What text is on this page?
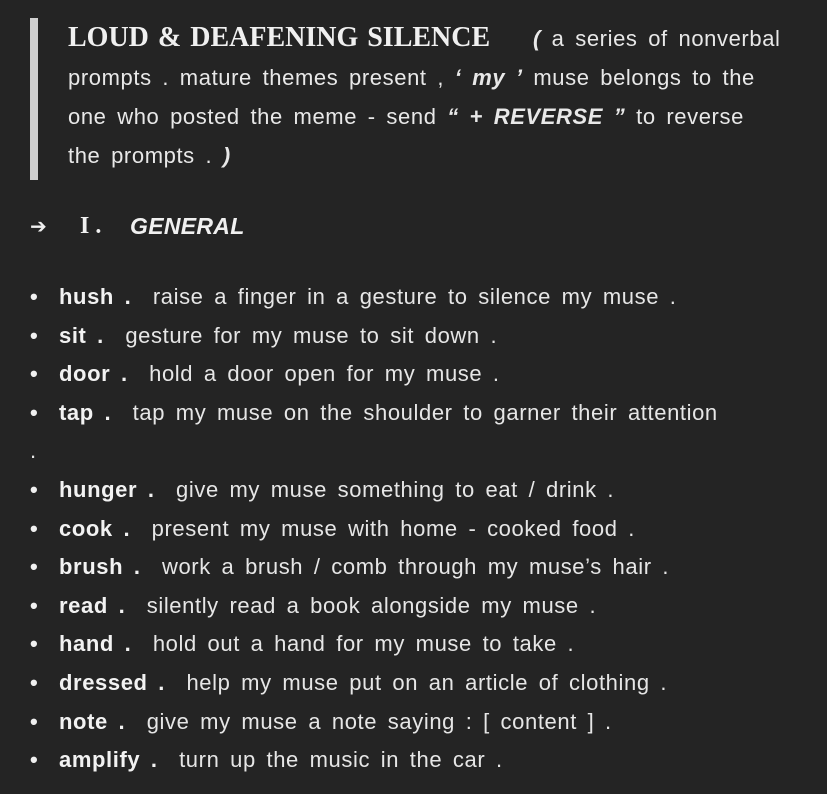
LOUD & DEAFENING SILENCE ( a series of nonverbal prompts . mature themes present , ‘ my ’ muse belongs to the one who posted the meme - send “ + REVERSE ” to reverse the prompts . )
➔	I .	GENERAL
• hush . raise a finger in a gesture to silence my muse .
• sit . gesture for my muse to sit down .
• door . hold a door open for my muse .
• tap . tap my muse on the shoulder to garner their attention .
• hunger . give my muse something to eat / drink .
• cook . present my muse with home - cooked food .
• brush . work a brush / comb through my muse’s hair .
• read . silently read a book alongside my muse .
• hand . hold out a hand for my muse to take .
• dressed . help my muse put on an article of clothing .
• note . give my muse a note saying : [ content ] .
• amplify . turn up the music in the car .
